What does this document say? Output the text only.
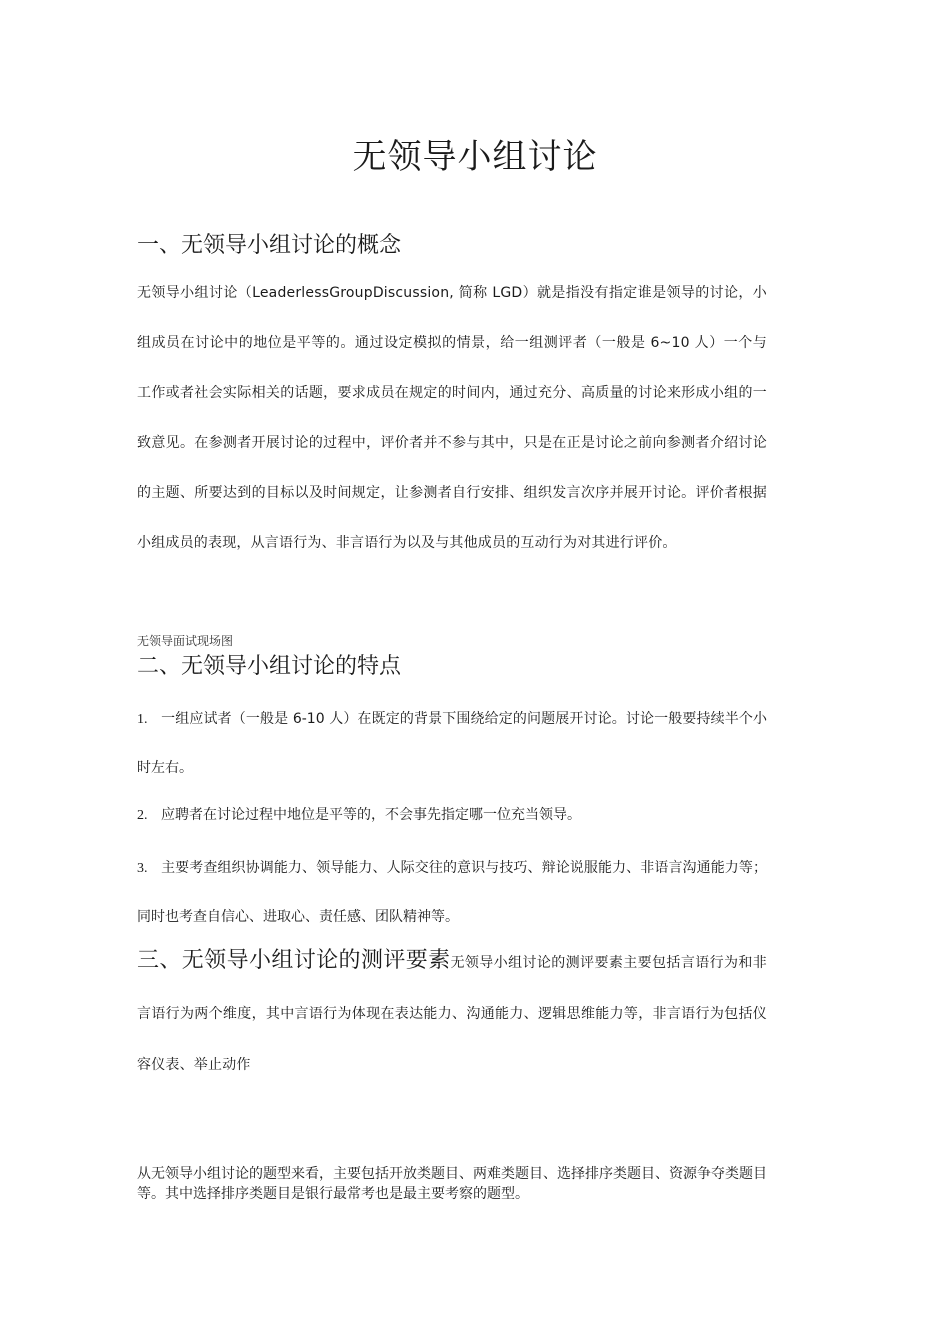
无领导小组讨论
一、无领导小组讨论的概念

无领导小组讨论（LeaderlessGroupDiscussion, 简称 LGD）就是指没有指定谁是领导的讨论，小组成员在讨论中的地位是平等的。通过设定模拟的情景，给一组测评者（一般是 6~10 人）一个与工作或者社会实际相关的话题，要求成员在规定的时间内，通过充分、高质量的讨论来形成小组的一致意见。在参测者开展讨论的过程中，评价者并不参与其中，只是在正是讨论之前向参测者介绍讨论的主题、所要达到的目标以及时间规定，让参测者自行安排、组织发言次序并展开讨论。评价者根据小组成员的表现，从言语行为、非言语行为以及与其他成员的互动行为对其进行评价。

无领导面试现场图

二、无领导小组讨论的特点
1. 一组应试者（一般是 6-10 人）在既定的背景下围绕给定的问题展开讨论。讨论一般要持续半个小时左右。
2. 应聘者在讨论过程中地位是平等的，不会事先指定哪一位充当领导。
3. 主要考查组织协调能力、领导能力、人际交往的意识与技巧、辩论说服能力、非语言沟通能力等；同时也考查自信心、进取心、责任感、团队精神等。

三、无领导小组讨论的测评要素无领导小组讨论的测评要素主要包括言语行为和非言语行为两个维度，其中言语行为体现在表达能力、沟通能力、逻辑思维能力等，非言语行为包括仪容仪表、举止动作

从无领导小组讨论的题型来看，主要包括开放类题目、两难类题目、选择排序类题目、资源争夺类题目等。其中选择排序类题目是银行最常考也是最主要考察的题型。
